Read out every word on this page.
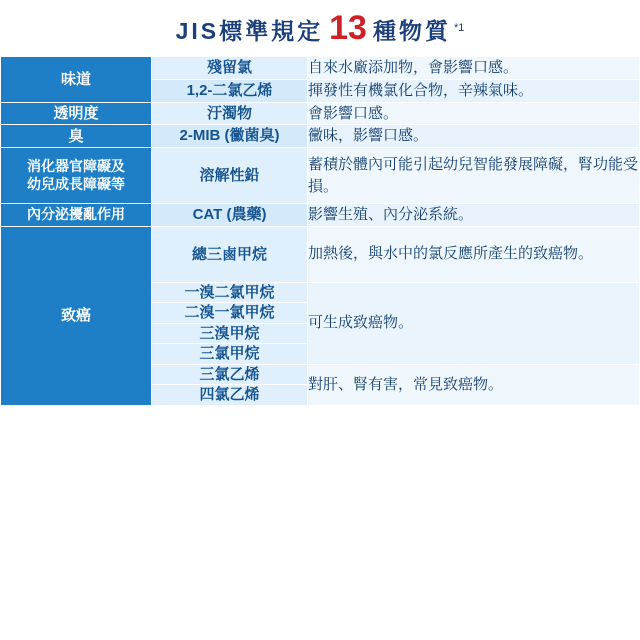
JIS標準規定 13 種物質 *1
味道	殘留氯	自來水廠添加物，會影響口感。
	1,2-二氯乙烯	揮發性有機氯化合物，辛辣氣味。
透明度	汙濁物	會影響口感。
臭	2-MIB (黴菌臭)	黴味，影響口感。
消化器官障礙及
幼兒成長障礙等	溶解性鉛	蓄積於體內可能引起幼兒智能發展障礙，腎功能受損。
內分泌擾亂作用	CAT (農藥)	影響生殖、內分泌系統。
致癌	總三鹵甲烷	加熱後，與水中的氯反應所產生的致癌物。
	一溴二氯甲烷	可生成致癌物。
	二溴一氯甲烷	
	三溴甲烷	
	三氯甲烷	
	三氯乙烯	對肝、腎有害，常見致癌物。
	四氯乙烯	
